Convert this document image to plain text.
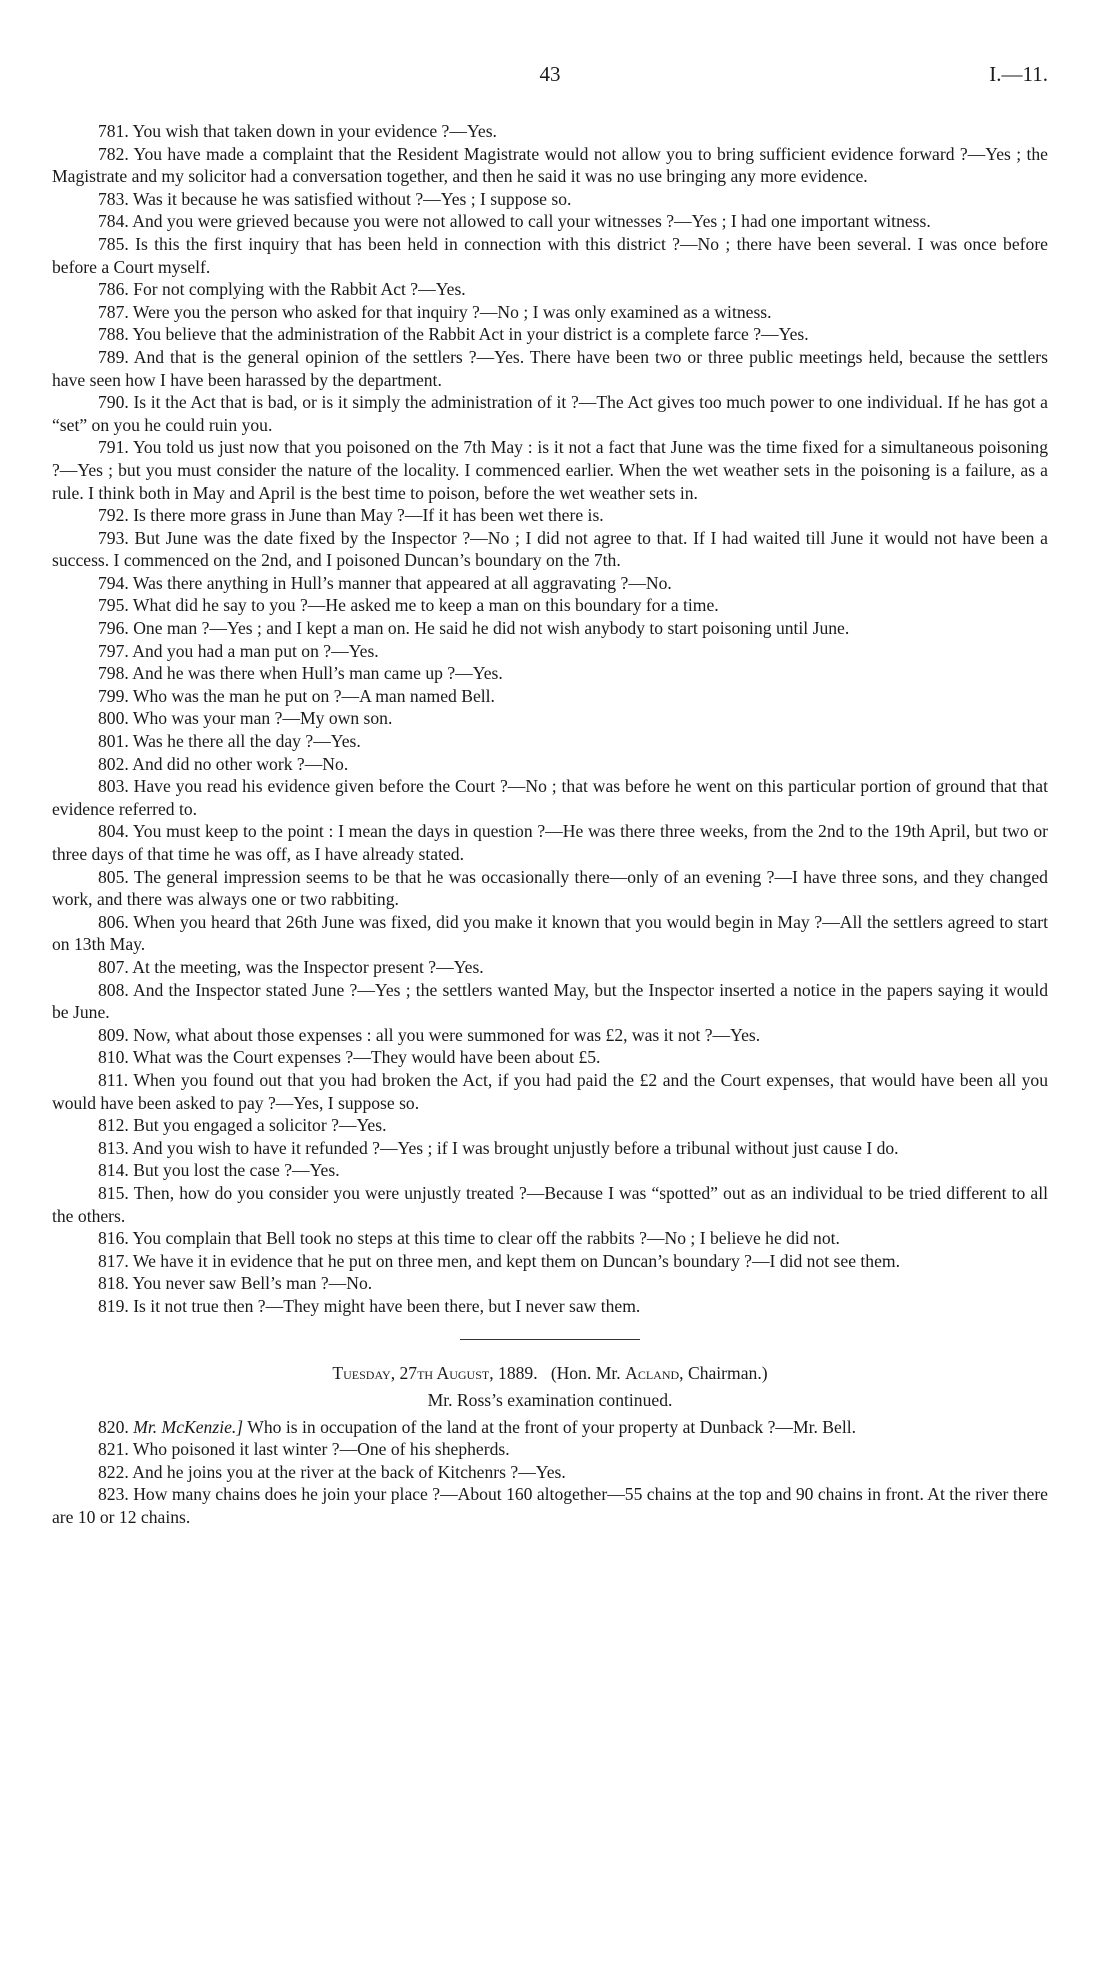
43	I.—11.

781. You wish that taken down in your evidence ?—Yes.

782. You have made a complaint that the Resident Magistrate would not allow you to bring sufficient evidence forward ?—Yes ; the Magistrate and my solicitor had a conversation together, and then he said it was no use bringing any more evidence.

783. Was it because he was satisfied without ?—Yes ; I suppose so.

784. And you were grieved because you were not allowed to call your witnesses ?—Yes ; I had one important witness.

785. Is this the first inquiry that has been held in connection with this district ?—No ; there have been several. I was once before before a Court myself.

786. For not complying with the Rabbit Act ?—Yes.

787. Were you the person who asked for that inquiry ?—No ; I was only examined as a witness.

788. You believe that the administration of the Rabbit Act in your district is a complete farce ?—Yes.

789. And that is the general opinion of the settlers ?—Yes. There have been two or three public meetings held, because the settlers have seen how I have been harassed by the department.

790. Is it the Act that is bad, or is it simply the administration of it ?—The Act gives too much power to one individual. If he has got a “set” on you he could ruin you.

791. You told us just now that you poisoned on the 7th May : is it not a fact that June was the time fixed for a simultaneous poisoning ?—Yes ; but you must consider the nature of the locality. I commenced earlier. When the wet weather sets in the poisoning is a failure, as a rule. I think both in May and April is the best time to poison, before the wet weather sets in.

792. Is there more grass in June than May ?—If it has been wet there is.

793. But June was the date fixed by the Inspector ?—No ; I did not agree to that. If I had waited till June it would not have been a success. I commenced on the 2nd, and I poisoned Duncan’s boundary on the 7th.

794. Was there anything in Hull’s manner that appeared at all aggravating ?—No.

795. What did he say to you ?—He asked me to keep a man on this boundary for a time.

796. One man ?—Yes ; and I kept a man on. He said he did not wish anybody to start poisoning until June.

797. And you had a man put on ?—Yes.

798. And he was there when Hull’s man came up ?—Yes.

799. Who was the man he put on ?—A man named Bell.

800. Who was your man ?—My own son.

801. Was he there all the day ?—Yes.

802. And did no other work ?—No.

803. Have you read his evidence given before the Court ?—No ; that was before he went on this particular portion of ground that that evidence referred to.

804. You must keep to the point : I mean the days in question ?—He was there three weeks, from the 2nd to the 19th April, but two or three days of that time he was off, as I have already stated.

805. The general impression seems to be that he was occasionally there—only of an evening ?—I have three sons, and they changed work, and there was always one or two rabbiting.

806. When you heard that 26th June was fixed, did you make it known that you would begin in May ?—All the settlers agreed to start on 13th May.

807. At the meeting, was the Inspector present ?—Yes.

808. And the Inspector stated June ?—Yes ; the settlers wanted May, but the Inspector inserted a notice in the papers saying it would be June.

809. Now, what about those expenses : all you were summoned for was £2, was it not ?—Yes.

810. What was the Court expenses ?—They would have been about £5.

811. When you found out that you had broken the Act, if you had paid the £2 and the Court expenses, that would have been all you would have been asked to pay ?—Yes, I suppose so.

812. But you engaged a solicitor ?—Yes.

813. And you wish to have it refunded ?—Yes ; if I was brought unjustly before a tribunal without just cause I do.

814. But you lost the case ?—Yes.

815. Then, how do you consider you were unjustly treated ?—Because I was “spotted” out as an individual to be tried different to all the others.

816. You complain that Bell took no steps at this time to clear off the rabbits ?—No ; I believe he did not.

817. We have it in evidence that he put on three men, and kept them on Duncan’s boundary ?—I did not see them.

818. You never saw Bell’s man ?—No.

819. Is it not true then ?—They might have been there, but I never saw them.

Tuesday, 27th August, 1889. (Hon. Mr. Acland, Chairman.)

Mr. Ross’s examination continued.

820. Mr. McKenzie.] Who is in occupation of the land at the front of your property at Dunback ?—Mr. Bell.

821. Who poisoned it last winter ?—One of his shepherds.

822. And he joins you at the river at the back of Kitchenrs ?—Yes.

823. How many chains does he join your place ?—About 160 altogether—55 chains at the top and 90 chains in front. At the river there are 10 or 12 chains.
